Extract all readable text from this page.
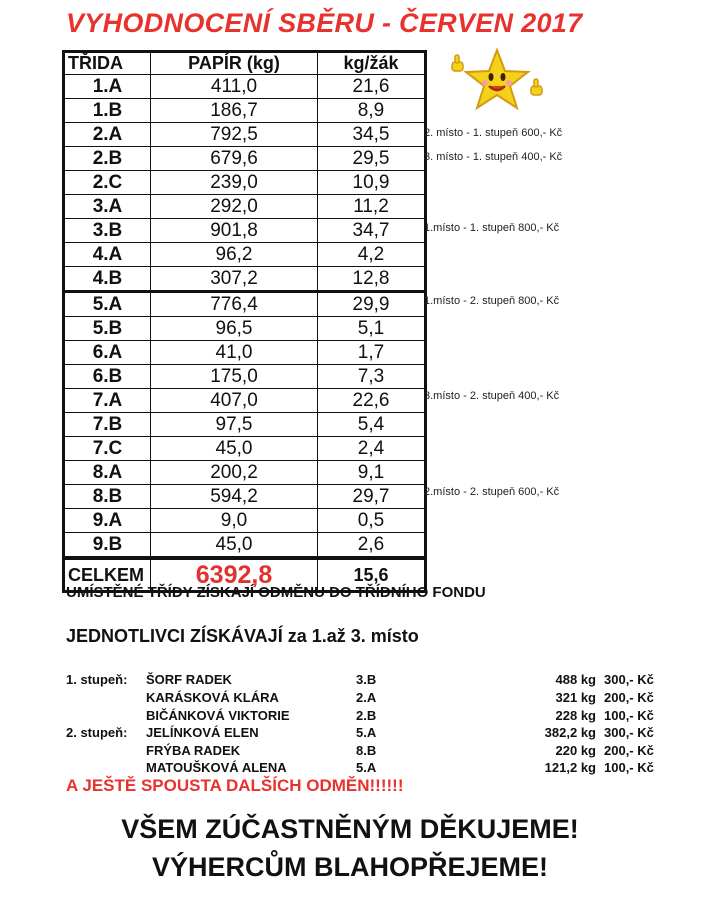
VYHODNOCENÍ SBĚRU - ČERVEN 2017
TŘIDA	PAPÍR (kg)	kg/žák
1.A	411,0	21,6
1.B	186,7	8,9
2.A	792,5	34,5
2.B	679,6	29,5
2.C	239,0	10,9
3.A	292,0	11,2
3.B	901,8	34,7
4.A	96,2	4,2
4.B	307,2	12,8
5.A	776,4	29,9
5.B	96,5	5,1
6.A	41,0	1,7
6.B	175,0	7,3
7.A	407,0	22,6
7.B	97,5	5,4
7.C	45,0	2,4
8.A	200,2	9,1
8.B	594,2	29,7
9.A	9,0	0,5
9.B	45,0	2,6
CELKEM	6392,8	15,6
2. místo - 1. stupeň 600,- Kč
3. místo - 1. stupeň 400,- Kč
1.místo - 1. stupeň 800,- Kč
1.místo - 2. stupeň 800,- Kč
3.místo - 2. stupeň 400,- Kč
2.místo - 2. stupeň 600,- Kč
UMÍSTĚNÉ TŘÍDY ZÍSKAJÍ ODMĚNU DO TŘÍDNÍHO FONDU
JEDNOTLIVCI ZÍSKÁVAJÍ za 1.až 3. místo
1. stupeň: ŠORF RADEK	3.B	488 kg 300,- Kč
KARÁSKOVÁ KLÁRA	2.A	321 kg 200,- Kč
BIČÁNKOVÁ VIKTORIE	2.B	228 kg 100,- Kč
2. stupeň: JELÍNKOVÁ ELEN	5.A	382,2 kg 300,- Kč
FRÝBA RADEK	8.B	220 kg 200,- Kč
MATOUŠKOVÁ ALENA	5.A	121,2 kg 100,- Kč
A JEŠTĚ SPOUSTA DALŠÍCH ODMĚN!!!!!!
VŠEM ZÚČASTNĚNÝM DĚKUJEME!
VÝHERCŮM BLAHOPŘEJEME!
